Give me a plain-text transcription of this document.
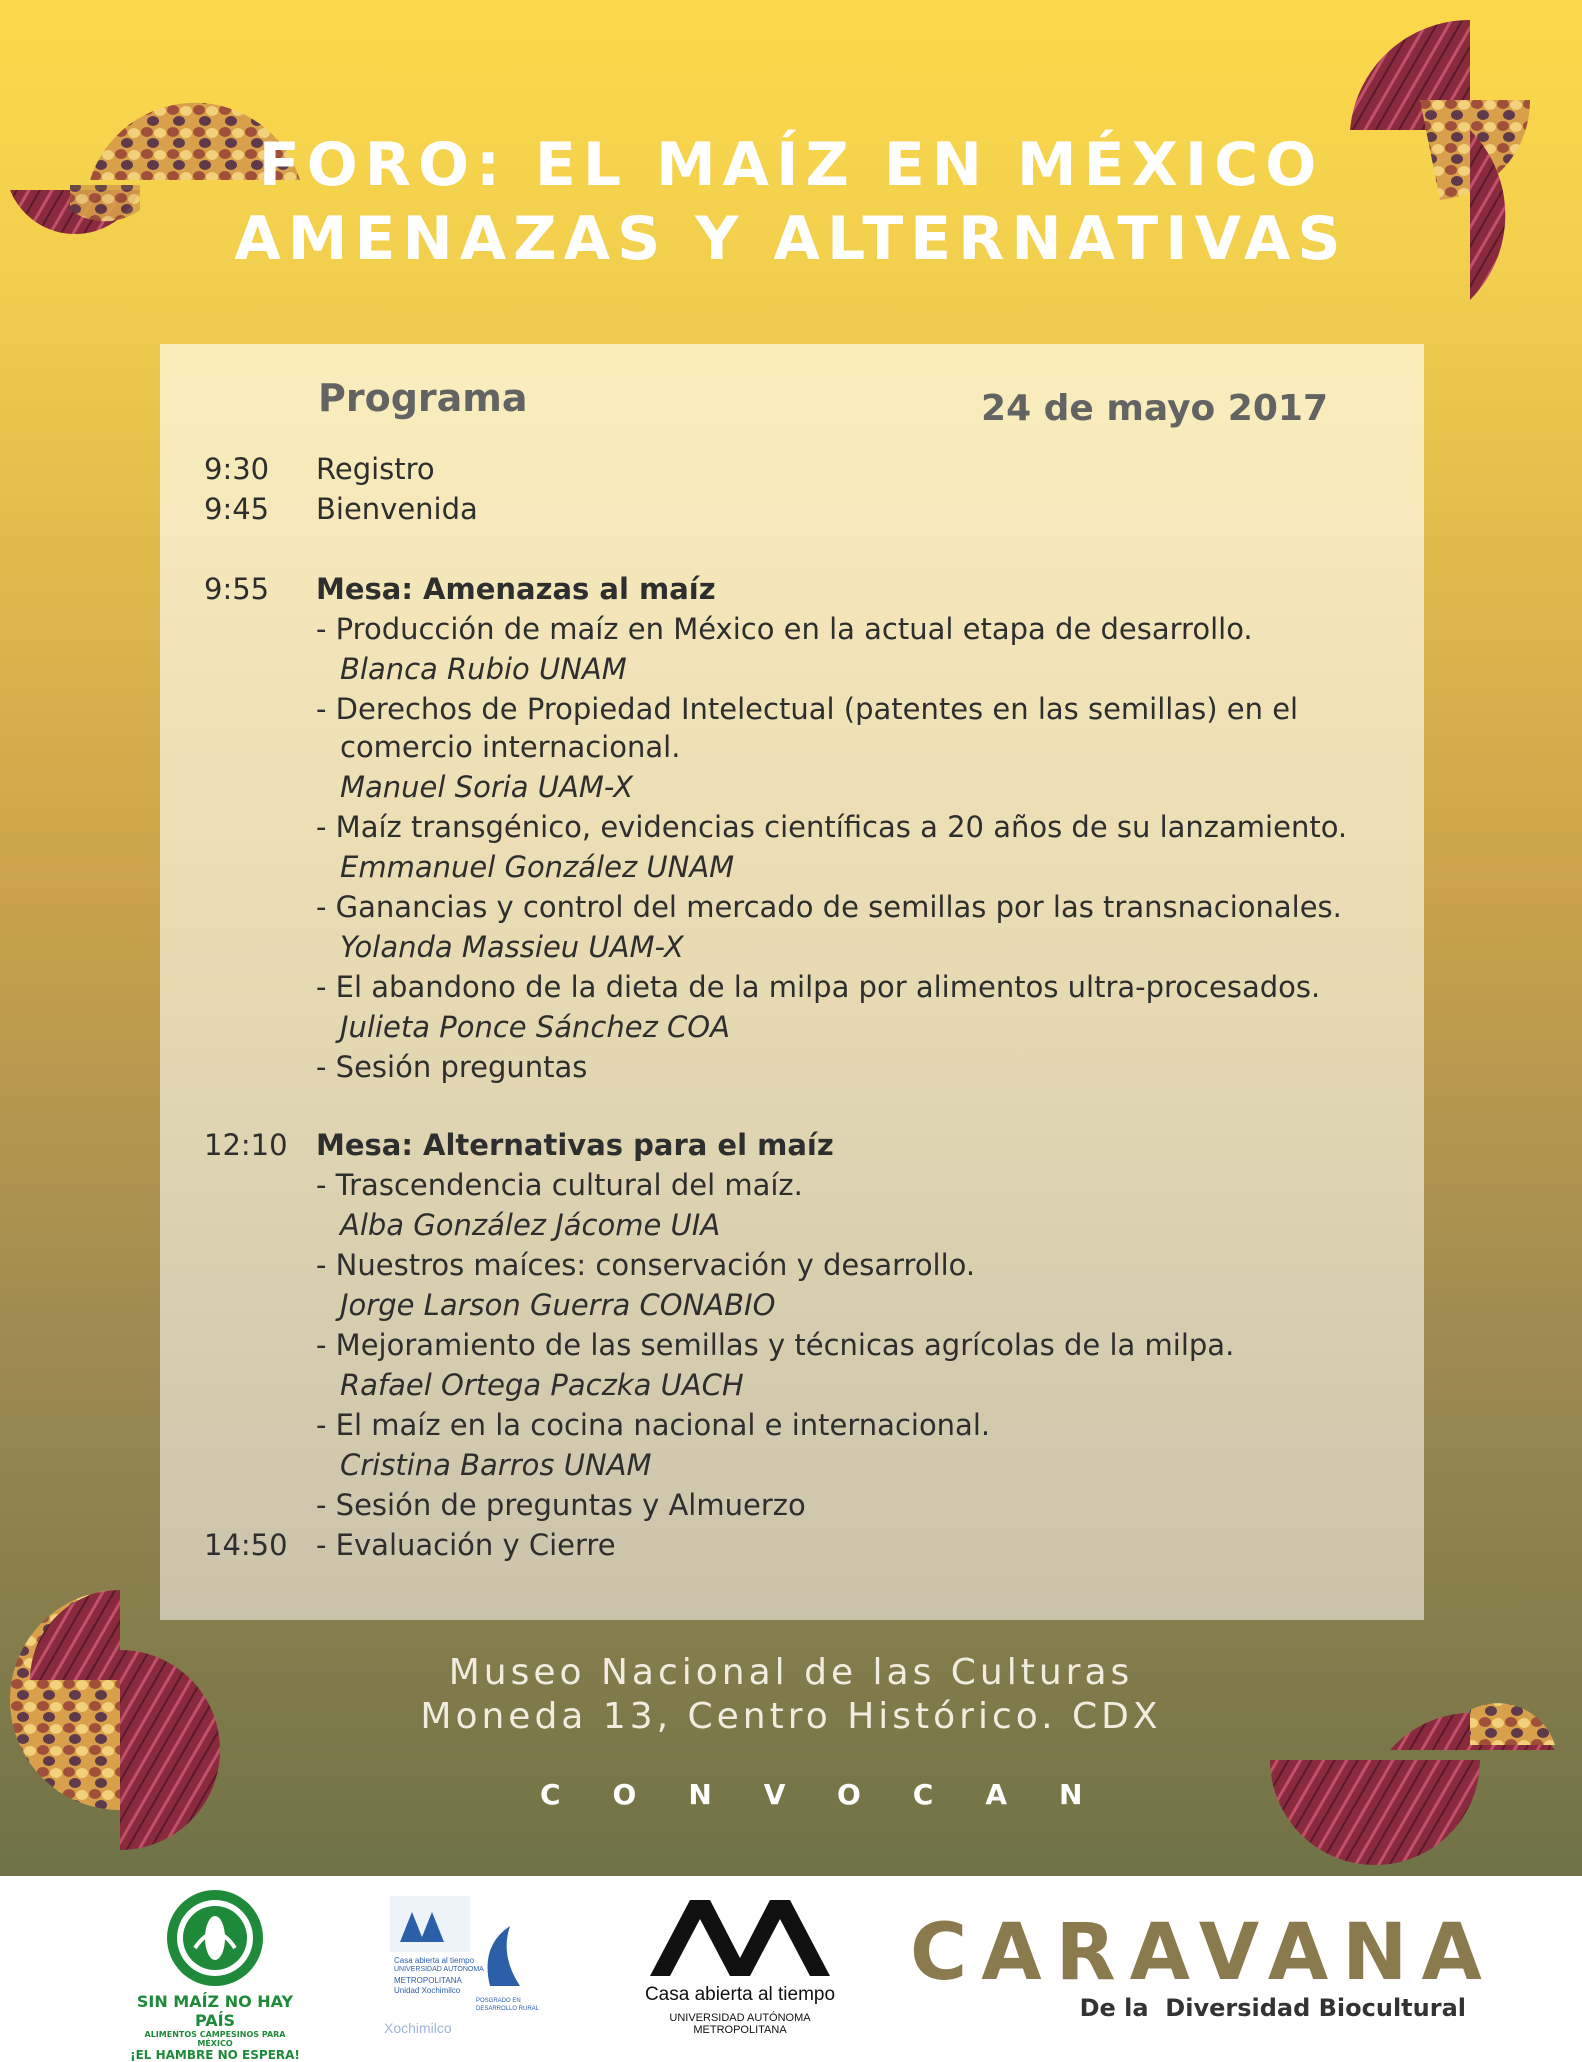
FORO: EL MAÍZ EN MÉXICO
AMENAZAS Y ALTERNATIVAS
Programa	24 de mayo 2017
9:30 Registro
9:45 Bienvenida
9:55 Mesa: Amenazas al maíz
- Producción de maíz en México en la actual etapa de desarrollo.
Blanca Rubio UNAM
- Derechos de Propiedad Intelectual (patentes en las semillas) en el
comercio internacional.
Manuel Soria UAM-X
- Maíz transgénico, evidencias científicas a 20 años de su lanzamiento.
Emmanuel González UNAM
- Ganancias y control del mercado de semillas por las transnacionales.
Yolanda Massieu UAM-X
- El abandono de la dieta de la milpa por alimentos ultra-procesados.
Julieta Ponce Sánchez COA
- Sesión preguntas
12:10 Mesa: Alternativas para el maíz
- Trascendencia cultural del maíz.
Alba González Jácome UIA
- Nuestros maíces: conservación y desarrollo.
Jorge Larson Guerra CONABIO
- Mejoramiento de las semillas y técnicas agrícolas de la milpa.
Rafael Ortega Paczka UACH
- El maíz en la cocina nacional e internacional.
Cristina Barros UNAM
- Sesión de preguntas y Almuerzo
14:50 - Evaluación y Cierre
Museo Nacional de las Culturas
Moneda 13, Centro Histórico. CDX
CONVOCAN
SIN MAÍZ NO HAY PAÍS
ALIMENTOS CAMPESINOS PARA MÉXICO
¡EL HAMBRE NO ESPERA!
Casa abierta al tiempo
UNIVERSIDAD AUTÓNOMA
METROPOLITANA
Unidad Xochimilco
POSGRADO EN
DESARROLLO RURAL
Xochimilco
Casa abierta al tiempo
UNIVERSIDAD AUTÓNOMA METROPOLITANA
CARAVANA
De la  Diversidad Biocultural
